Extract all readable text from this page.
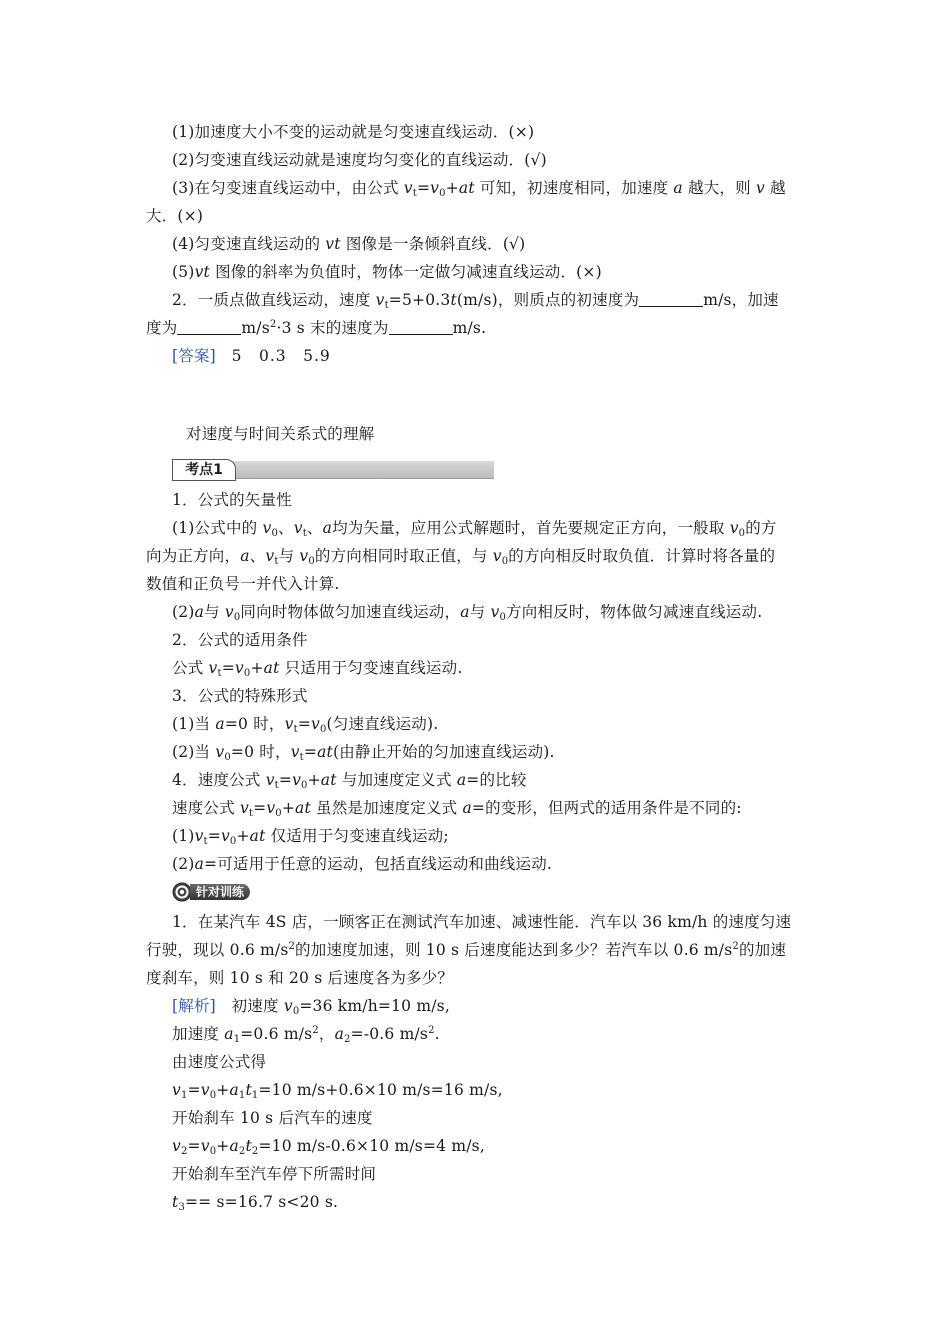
(1)加速度大小不变的运动就是匀变速直线运动．(×)
(2)匀变速直线运动就是速度均匀变化的直线运动．(√)
(3)在匀变速直线运动中，由公式 $v_t=v_0+at$ 可知，初速度相同，加速度 a 越大，则 v 越
大．(×)
(4)匀变速直线运动的 vt 图像是一条倾斜直线．(√)
(5)vt 图像的斜率为负值时，物体一定做匀减速直线运动．(×)
2．一质点做直线运动，速度 $v_t=5+0.3t(m/s)$，则质点的初速度为	m/s，加速
度为	$m/s^2\cdot 3$ s 末的速度为	m/s.
[答案]　 5　0.3　5.9
对速度与时间关系式的理解
考点1
1．公式的矢量性
(1)公式中的 $v_0$、$v_t$、a均为矢量，应用公式解题时，首先要规定正方向，一般取 $v_0$的方
向为正方向，a、$v_t$与 $v_0$的方向相同时取正值，与 $v_0$的方向相反时取负值．计算时将各量的
数值和正负号一并代入计算.
(2)a与 $v_0$同向时物体做匀加速直线运动，a与 $v_0$方向相反时，物体做匀减速直线运动.
2．公式的适用条件
公式 $v_t=v_0+at$ 只适用于匀变速直线运动.
3．公式的特殊形式
(1)当 a=0 时，$v_t=v_0$(匀速直线运动).
(2)当 $v_0=0$ 时，$v_t=at$(由静止开始的匀加速直线运动).
4．速度公式 $v_t=v_0+at$ 与加速度定义式 a=的比较
速度公式 $v_t=v_0+at$ 虽然是加速度定义式 a=的变形，但两式的适用条件是不同的:
$(1)v_t=v_0+at$ 仅适用于匀变速直线运动;
(2)a=可适用于任意的运动，包括直线运动和曲线运动.
针对训练
1．在某汽车 4S 店，一顾客正在测试汽车加速、减速性能．汽车以 36 km/h 的速度匀速
行驶，现以 0.6 $m/s^2$的加速度加速，则 10 s 后速度能达到多少？若汽车以 0.6 $m/s^2$的加速
度刹车，则 10 s 和 20 s 后速度各为多少？
[解析]　 初速度 $v_0=36$ km/h=10 m/s,
加速度 $a_1=0.6$ $m/s^2$，$a_2=-0.6$ $m/s^2$.
由速度公式得
$v_1=v_0+a_1t_1=10$ m/s+0.6×10 m/s=16 m/s,
开始刹车 10 s 后汽车的速度
$v_2=v_0+a_2t_2=10$ m/s-0.6×10 m/s=4 m/s,
开始刹车至汽车停下所需时间
$t_3== s=16.7$ s<20 s.
